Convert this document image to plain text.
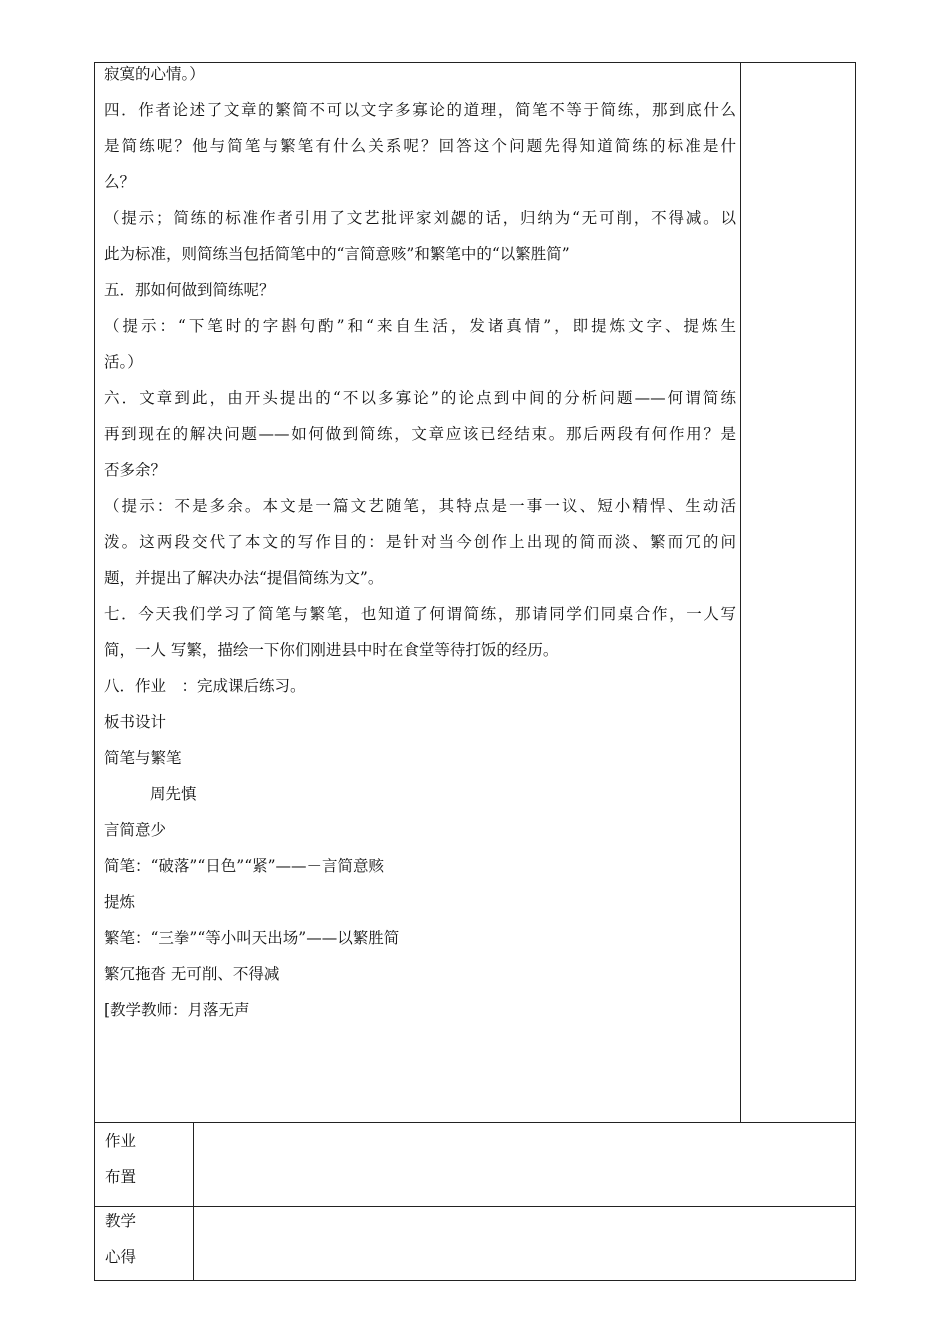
寂寞的心情。）
四．作者论述了文章的繁简不可以文字多寡论的道理，简笔不等于简练，那到底什么
是简练呢？他与简笔与繁笔有什么关系呢？回答这个问题先得知道简练的标准是什
么？
（提示；简练的标准作者引用了文艺批评家刘勰的话，归纳为“无可削，不得减。以
此为标准，则简练当包括简笔中的“言简意赅”和繁笔中的“以繁胜简”
五．那如何做到简练呢？
（提示：“下笔时的字斟句酌”和“来自生活，发诸真情”，即提炼文字、提炼生
活。）
六．文章到此，由开头提出的“不以多寡论”的论点到中间的分析问题——何谓简练
再到现在的解决问题——如何做到简练，文章应该已经结束。那后两段有何作用？是
否多余？
（提示：不是多余。本文是一篇文艺随笔，其特点是一事一议、短小精悍、生动活
泼。这两段交代了本文的写作目的：是针对当今创作上出现的简而淡、繁而冗的问
题，并提出了解决办法“提倡简练为文”。
七．今天我们学习了简笔与繁笔，也知道了何谓简练，那请同学们同桌合作，一人写
简，一人 写繁，描绘一下你们刚进县中时在食堂等待打饭的经历。
八．作业　：完成课后练习。
板书设计
简笔与繁笔
周先慎
言简意少
简笔：“破落”“日色”“紧”——－言简意赅
提炼
繁笔：“三拳”“等小叫天出场”——以繁胜简
繁冗拖沓 无可削、不得减
[教学教师：月落无声
作业
布置
教学
心得
